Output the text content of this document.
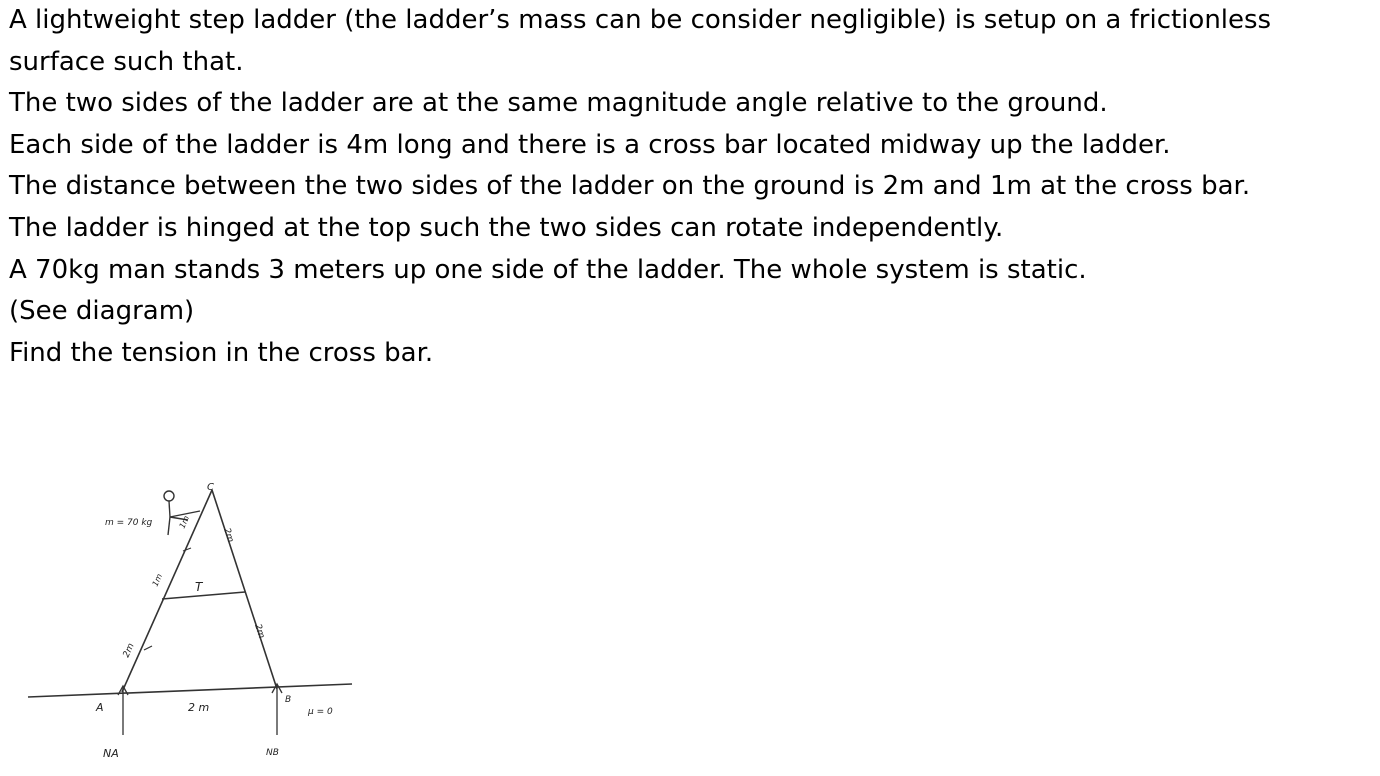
A lightweight step ladder (the ladder’s mass can be consider negligible) is setup on a frictionless

surface such that.

The two sides of the ladder are at the same magnitude angle relative to the ground.

Each side of the ladder is 4m long and there is a cross bar located midway up the ladder.

The distance between the two sides of the ladder on the ground is 2m and 1m at the cross bar.

The ladder is hinged at the top such the two sides can rotate independently.

A 70kg man stands 3 meters up one side of the ladder. The whole system is static.

(See diagram)

Find the tension in the cross bar.

m = 70 kg
C
A
B
T
2 m
2m
1m
1m
2m
2m
NA	NB
μ = 0
